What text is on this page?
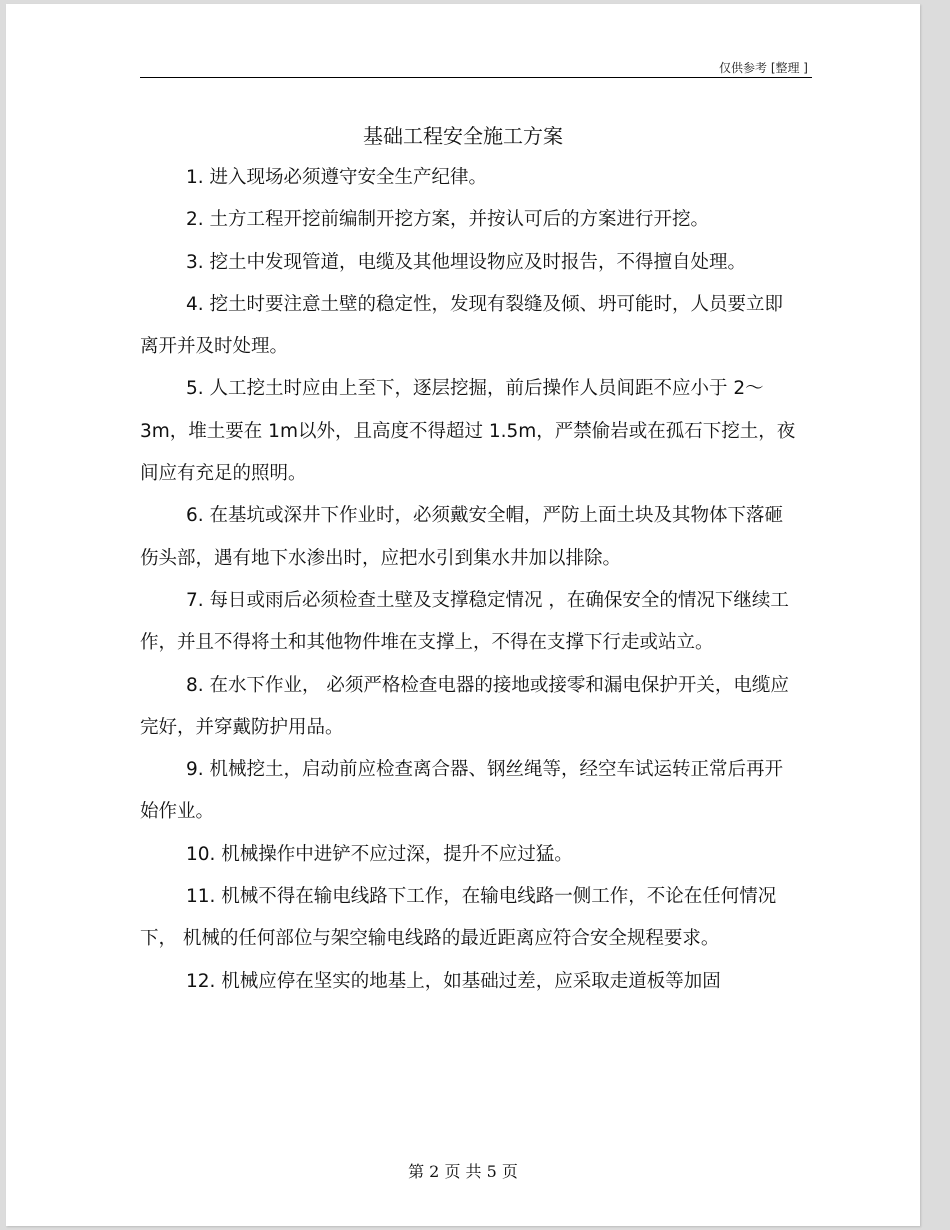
仅供参考 [整理 ]
基础工程安全施工方案

1. 进入现场必须遵守安全生产纪律。

2. 土方工程开挖前编制开挖方案，并按认可后的方案进行开挖。

3. 挖土中发现管道，电缆及其他埋设物应及时报告，不得擅自处理。

4. 挖土时要注意土壁的稳定性，发现有裂缝及倾、坍可能时，人员要立即离开并及时处理。

5. 人工挖土时应由上至下，逐层挖掘，前后操作人员间距不应小于 2～3m，堆土要在 1m以外，且高度不得超过 1.5m，严禁偷岩或在孤石下挖土，夜间应有充足的照明。

6. 在基坑或深井下作业时，必须戴安全帽，严防上面土块及其物体下落砸伤头部，遇有地下水渗出时，应把水引到集水井加以排除。

7. 每日或雨后必须检查土壁及支撑稳定情况 ，在确保安全的情况下继续工作，并且不得将土和其他物件堆在支撑上，不得在支撑下行走或站立。

8. 在水下作业， 必须严格检查电器的接地或接零和漏电保护开关，电缆应完好，并穿戴防护用品。

9. 机械挖土，启动前应检查离合器、钢丝绳等，经空车试运转正常后再开始作业。

10. 机械操作中进铲不应过深，提升不应过猛。

11. 机械不得在输电线路下工作，在输电线路一侧工作，不论在任何情况下， 机械的任何部位与架空输电线路的最近距离应符合安全规程要求。

12. 机械应停在坚实的地基上，如基础过差，应采取走道板等加固

第 2 页 共 5 页
